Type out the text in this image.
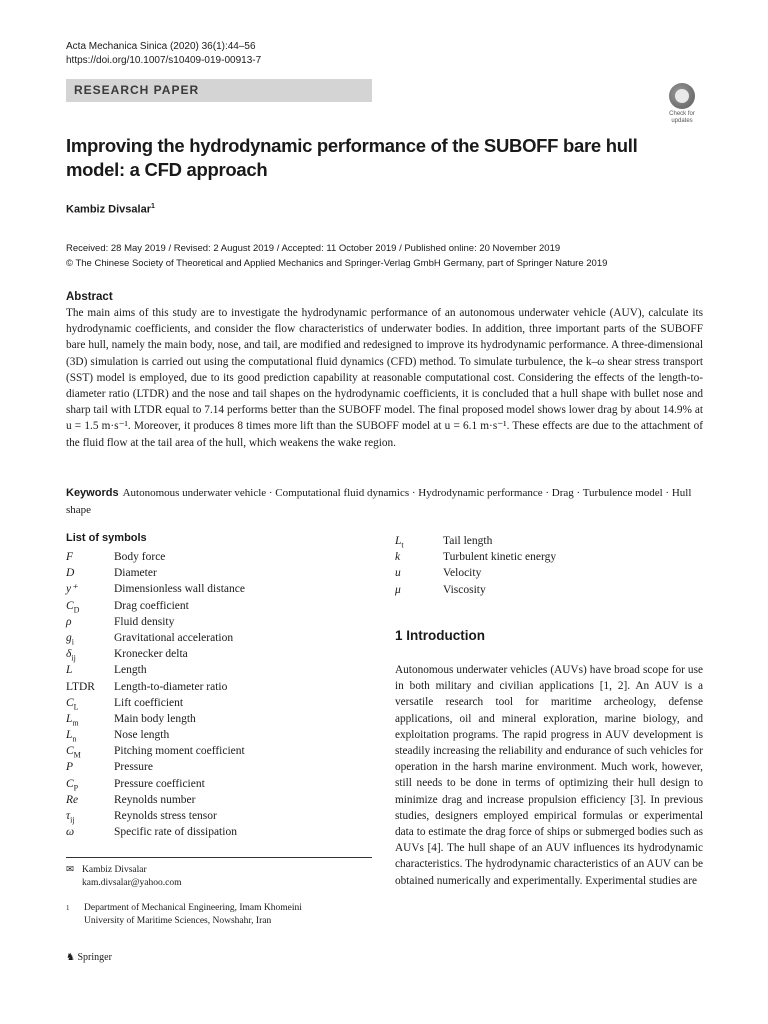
Acta Mechanica Sinica (2020) 36(1):44–56
https://doi.org/10.1007/s10409-019-00913-7
RESEARCH PAPER
Check for updates
Improving the hydrodynamic performance of the SUBOFF bare hull model: a CFD approach
Kambiz Divsalar$^1$
Received: 28 May 2019 / Revised: 2 August 2019 / Accepted: 11 October 2019 / Published online: 20 November 2019
© The Chinese Society of Theoretical and Applied Mechanics and Springer-Verlag GmbH Germany, part of Springer Nature 2019
Abstract
The main aims of this study are to investigate the hydrodynamic performance of an autonomous underwater vehicle (AUV), calculate its hydrodynamic coefficients, and consider the flow characteristics of underwater bodies. In addition, three important parts of the SUBOFF bare hull, namely the main body, nose, and tail, are modified and redesigned to improve its hydrodynamic performance. A three-dimensional (3D) simulation is carried out using the computational fluid dynamics (CFD) method. To simulate turbulence, the k–ω shear stress transport (SST) model is employed, due to its good prediction capability at reasonable computational cost. Considering the effects of the length-to-diameter ratio (LTDR) and the nose and tail shapes on the hydrodynamic coefficients, it is concluded that a hull shape with bullet nose and sharp tail with LTDR equal to 7.14 performs better than the SUBOFF model. The final proposed model shows lower drag by about 14.9% at u = 1.5 m·s⁻¹. Moreover, it produces 8 times more lift than the SUBOFF model at u = 6.1 m·s⁻¹. These effects are due to the attachment of the fluid flow at the tail area of the hull, which weakens the wake region.
Keywords Autonomous underwater vehicle · Computational fluid dynamics · Hydrodynamic performance · Drag · Turbulence model · Hull shape
List of symbols
F	Body force
D	Diameter
y⁺	Dimensionless wall distance
$C_D$	Drag coefficient
ρ	Fluid density
$g_i$	Gravitational acceleration
$\delta_{ij}$	Kronecker delta
L	Length
LTDR Length-to-diameter ratio
$C_L$	Lift coefficient
$L_m$	Main body length
$L_n$	Nose length
$C_M$	Pitching moment coefficient
P	Pressure
$C_P$	Pressure coefficient
Re	Reynolds number
$\tau_{ij}$	Reynolds stress tensor
ω	Specific rate of dissipation
$L_t$	Tail length
k	Turbulent kinetic energy
u	Velocity
μ	Viscosity
✉ Kambiz Divsalar
kam.divsalar@yahoo.com
1 Department of Mechanical Engineering, Imam Khomeini
University of Maritime Sciences, Nowshahr, Iran
♞ Springer
1 Introduction
Autonomous underwater vehicles (AUVs) have broad scope for use in both military and civilian applications [1, 2]. An AUV is a versatile research tool for maritime archeology, defense applications, oil and mineral exploration, marine biology, and exploitation programs. The rapid progress in AUV development is steadily increasing the reliability and endurance of such vehicles for operation in the harsh marine environment. Much work, however, still needs to be done in terms of optimizing their hull design to minimize drag and increase propulsion efficiency [3]. In previous studies, designers employed empirical formulas or experimental data to estimate the drag force of ships or submerged bodies such as AUVs [4]. The hull shape of an AUV influences its hydrodynamic characteristics. The hydrodynamic characteristics of an AUV can be obtained numerically and experimentally. Experimental studies are
